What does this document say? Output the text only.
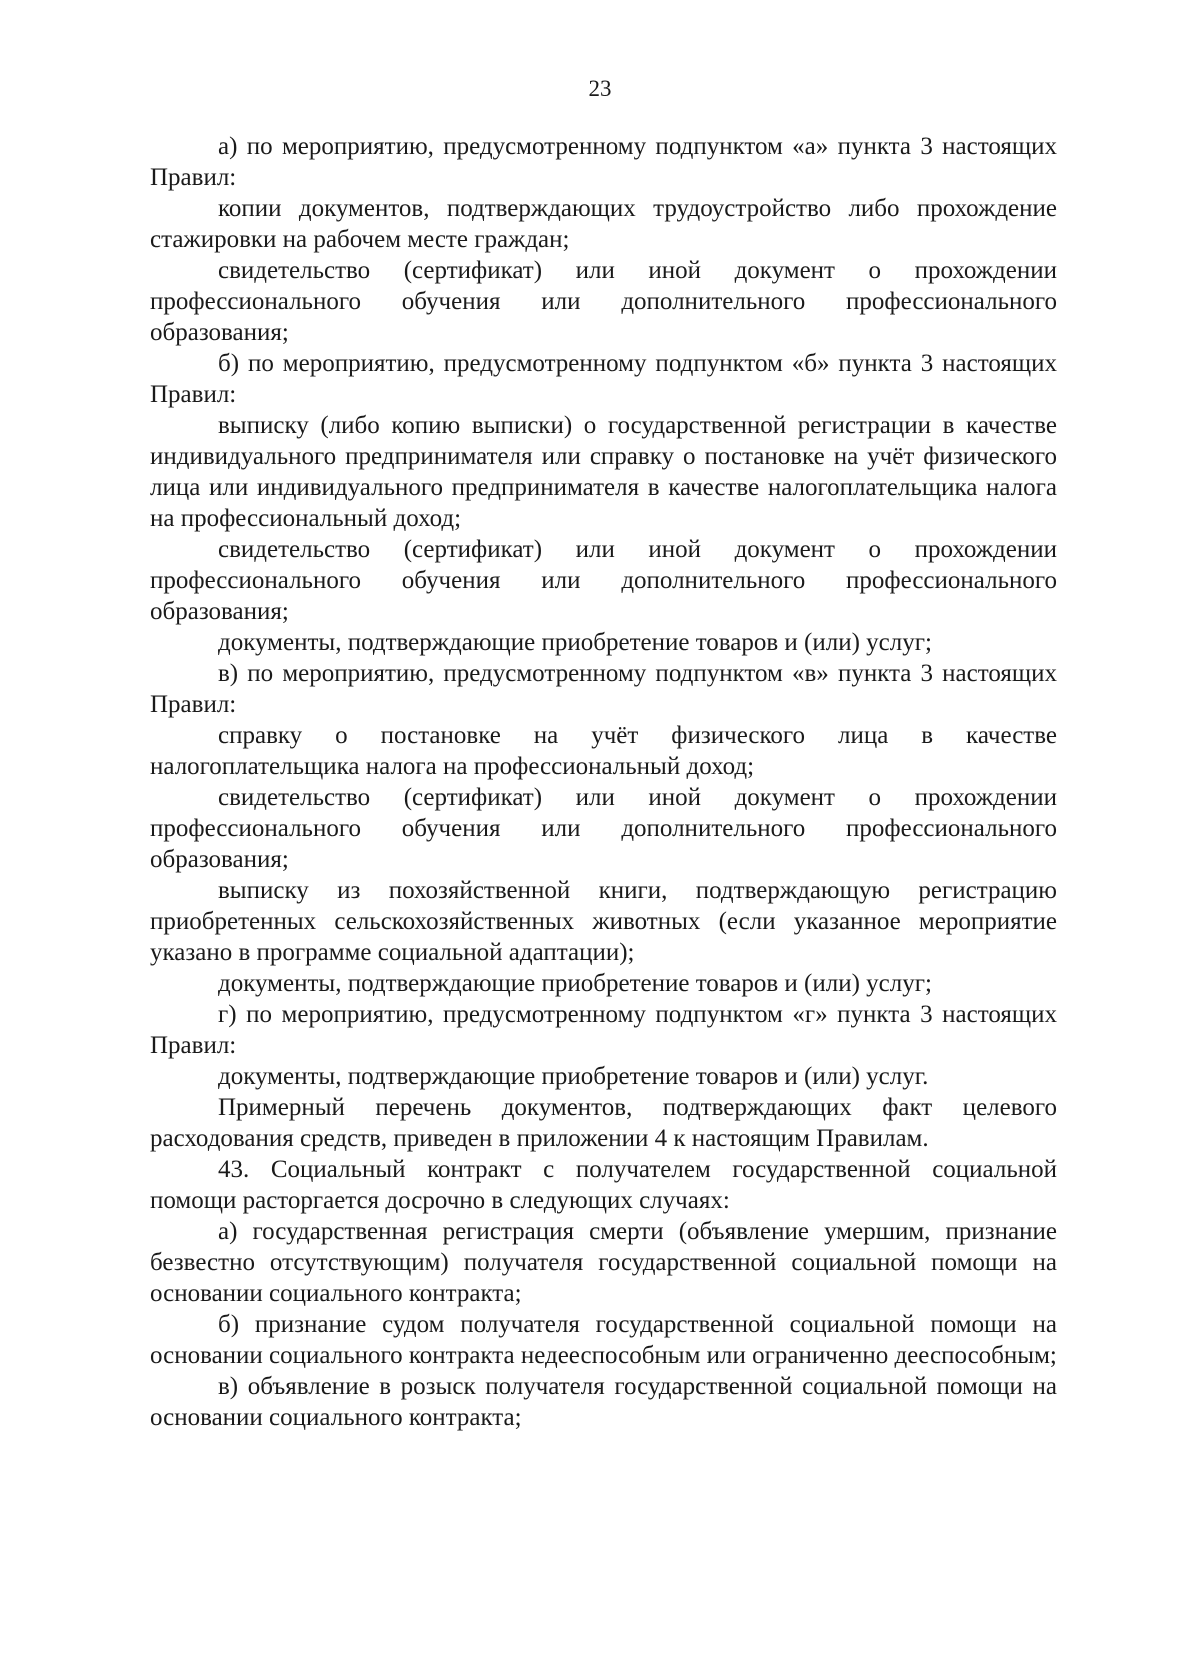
23

а) по мероприятию, предусмотренному подпунктом «а» пункта 3 настоящих Правил:

копии документов, подтверждающих трудоустройство либо прохождение стажировки на рабочем месте граждан;

свидетельство (сертификат) или иной документ о прохождении профессионального обучения или дополнительного профессионального образования;

б) по мероприятию, предусмотренному подпунктом «б» пункта 3 настоящих Правил:

выписку (либо копию выписки) о государственной регистрации в качестве индивидуального предпринимателя или справку о постановке на учёт физического лица или индивидуального предпринимателя в качестве налогоплательщика налога на профессиональный доход;

свидетельство (сертификат) или иной документ о прохождении профессионального обучения или дополнительного профессионального образования;

документы, подтверждающие приобретение товаров и (или) услуг;

в) по мероприятию, предусмотренному подпунктом «в» пункта 3 настоящих Правил:

справку о постановке на учёт физического лица в качестве налогоплательщика налога на профессиональный доход;

свидетельство (сертификат) или иной документ о прохождении профессионального обучения или дополнительного профессионального образования;

выписку из похозяйственной книги, подтверждающую регистрацию приобретенных сельскохозяйственных животных (если указанное мероприятие указано в программе социальной адаптации);

документы, подтверждающие приобретение товаров и (или) услуг;

г) по мероприятию, предусмотренному подпунктом «г» пункта 3 настоящих Правил:

документы, подтверждающие приобретение товаров и (или) услуг.

Примерный перечень документов, подтверждающих факт целевого расходования средств, приведен в приложении 4 к настоящим Правилам.

43. Социальный контракт с получателем государственной социальной помощи расторгается досрочно в следующих случаях:

а) государственная регистрация смерти (объявление умершим, признание безвестно отсутствующим) получателя государственной социальной помощи на основании социального контракта;

б) признание судом получателя государственной социальной помощи на основании социального контракта недееспособным или ограниченно дееспособным;

в) объявление в розыск получателя государственной социальной помощи на основании социального контракта;
